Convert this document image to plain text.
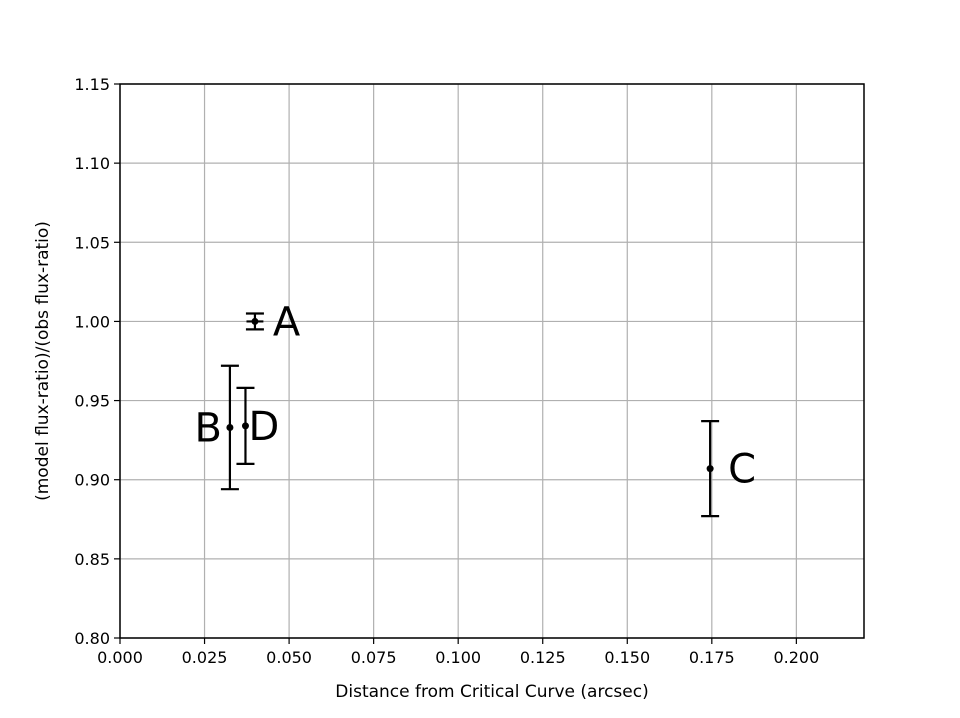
0.000 0.025 0.050 0.075 0.100 0.125 0.150 0.175 0.200
0.80
0.85
0.90
0.95
1.00
1.05
1.10
1.15
A
B D
C
Distance from Critical Curve (arcsec)
(model flux-ratio)/(obs flux-ratio)
